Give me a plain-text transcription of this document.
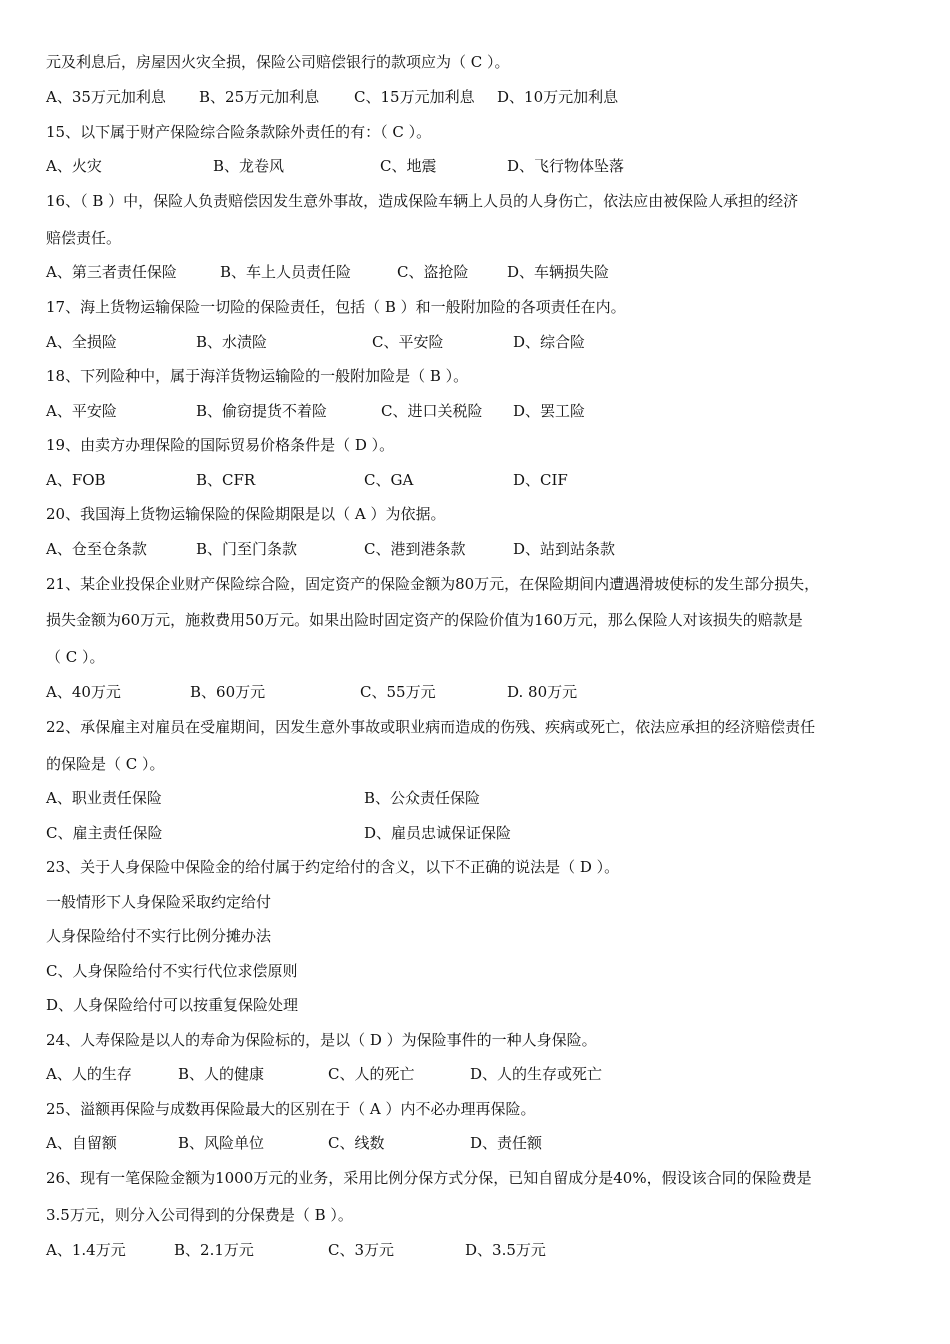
元及利息后，房屋因火灾全损，保险公司赔偿银行的款项应为（ C ）。
A、35万元加利息 B、25万元加利息 C、15万元加利息 D、10万元加利息
15、以下属于财产保险综合险条款除外责任的有：（ C ）。
A、火灾	B、龙卷风	C、地震	D、飞行物体坠落
16、（ B ）中，保险人负责赔偿因发生意外事故，造成保险车辆上人员的人身伤亡，依法应由被保险人承担的经济
赔偿责任。
A、第三者责任保险	B、车上人员责任险	C、盗抢险	D、车辆损失险
17、海上货物运输保险一切险的保险责任，包括（ B ）和一般附加险的各项责任在内。
A、全损险	B、水渍险	C、平安险	D、综合险
18、下列险种中，属于海洋货物运输险的一般附加险是（ B ）。
A、平安险	B、偷窃提货不着险	C、进口关税险 D、罢工险
19、由卖方办理保险的国际贸易价格条件是（ D ）。
A、FOB	B、CFR	C、GA	D、CIF
20、我国海上货物运输保险的保险期限是以（ A ）为依据。
A、仓至仓条款	B、门至门条款	C、港到港条款	D、站到站条款
21、某企业投保企业财产保险综合险，固定资产的保险金额为80万元，在保险期间内遭遇滑坡使标的发生部分损失，
损失金额为60万元，施救费用50万元。如果出险时固定资产的保险价值为160万元，那么保险人对该损失的赔款是
（ C ）。
A、40万元	B、60万元	C、55万元	D. 80万元
22、承保雇主对雇员在受雇期间，因发生意外事故或职业病而造成的伤残、疾病或死亡，依法应承担的经济赔偿责任
的保险是（ C ）。
A、职业责任保险	B、公众责任保险
C、雇主责任保险	D、雇员忠诚保证保险
23、关于人身保险中保险金的给付属于约定给付的含义，以下不正确的说法是（ D ）。
一般情形下人身保险采取约定给付
人身保险给付不实行比例分摊办法
C、人身保险给付不实行代位求偿原则
D、人身保险给付可以按重复保险处理
24、人寿保险是以人的寿命为保险标的，是以（ D ）为保险事件的一种人身保险。
A、人的生存	B、人的健康	C、人的死亡	D、人的生存或死亡
25、溢额再保险与成数再保险最大的区别在于（ A ）内不必办理再保险。
A、自留额	B、风险单位	C、线数	D、责任额
26、现有一笔保险金额为1000万元的业务，采用比例分保方式分保，已知自留成分是40%，假设该合同的保险费是
3.5万元，则分入公司得到的分保费是（ B ）。
A、1.4万元	B、2.1万元	C、3万元	D、3.5万元
